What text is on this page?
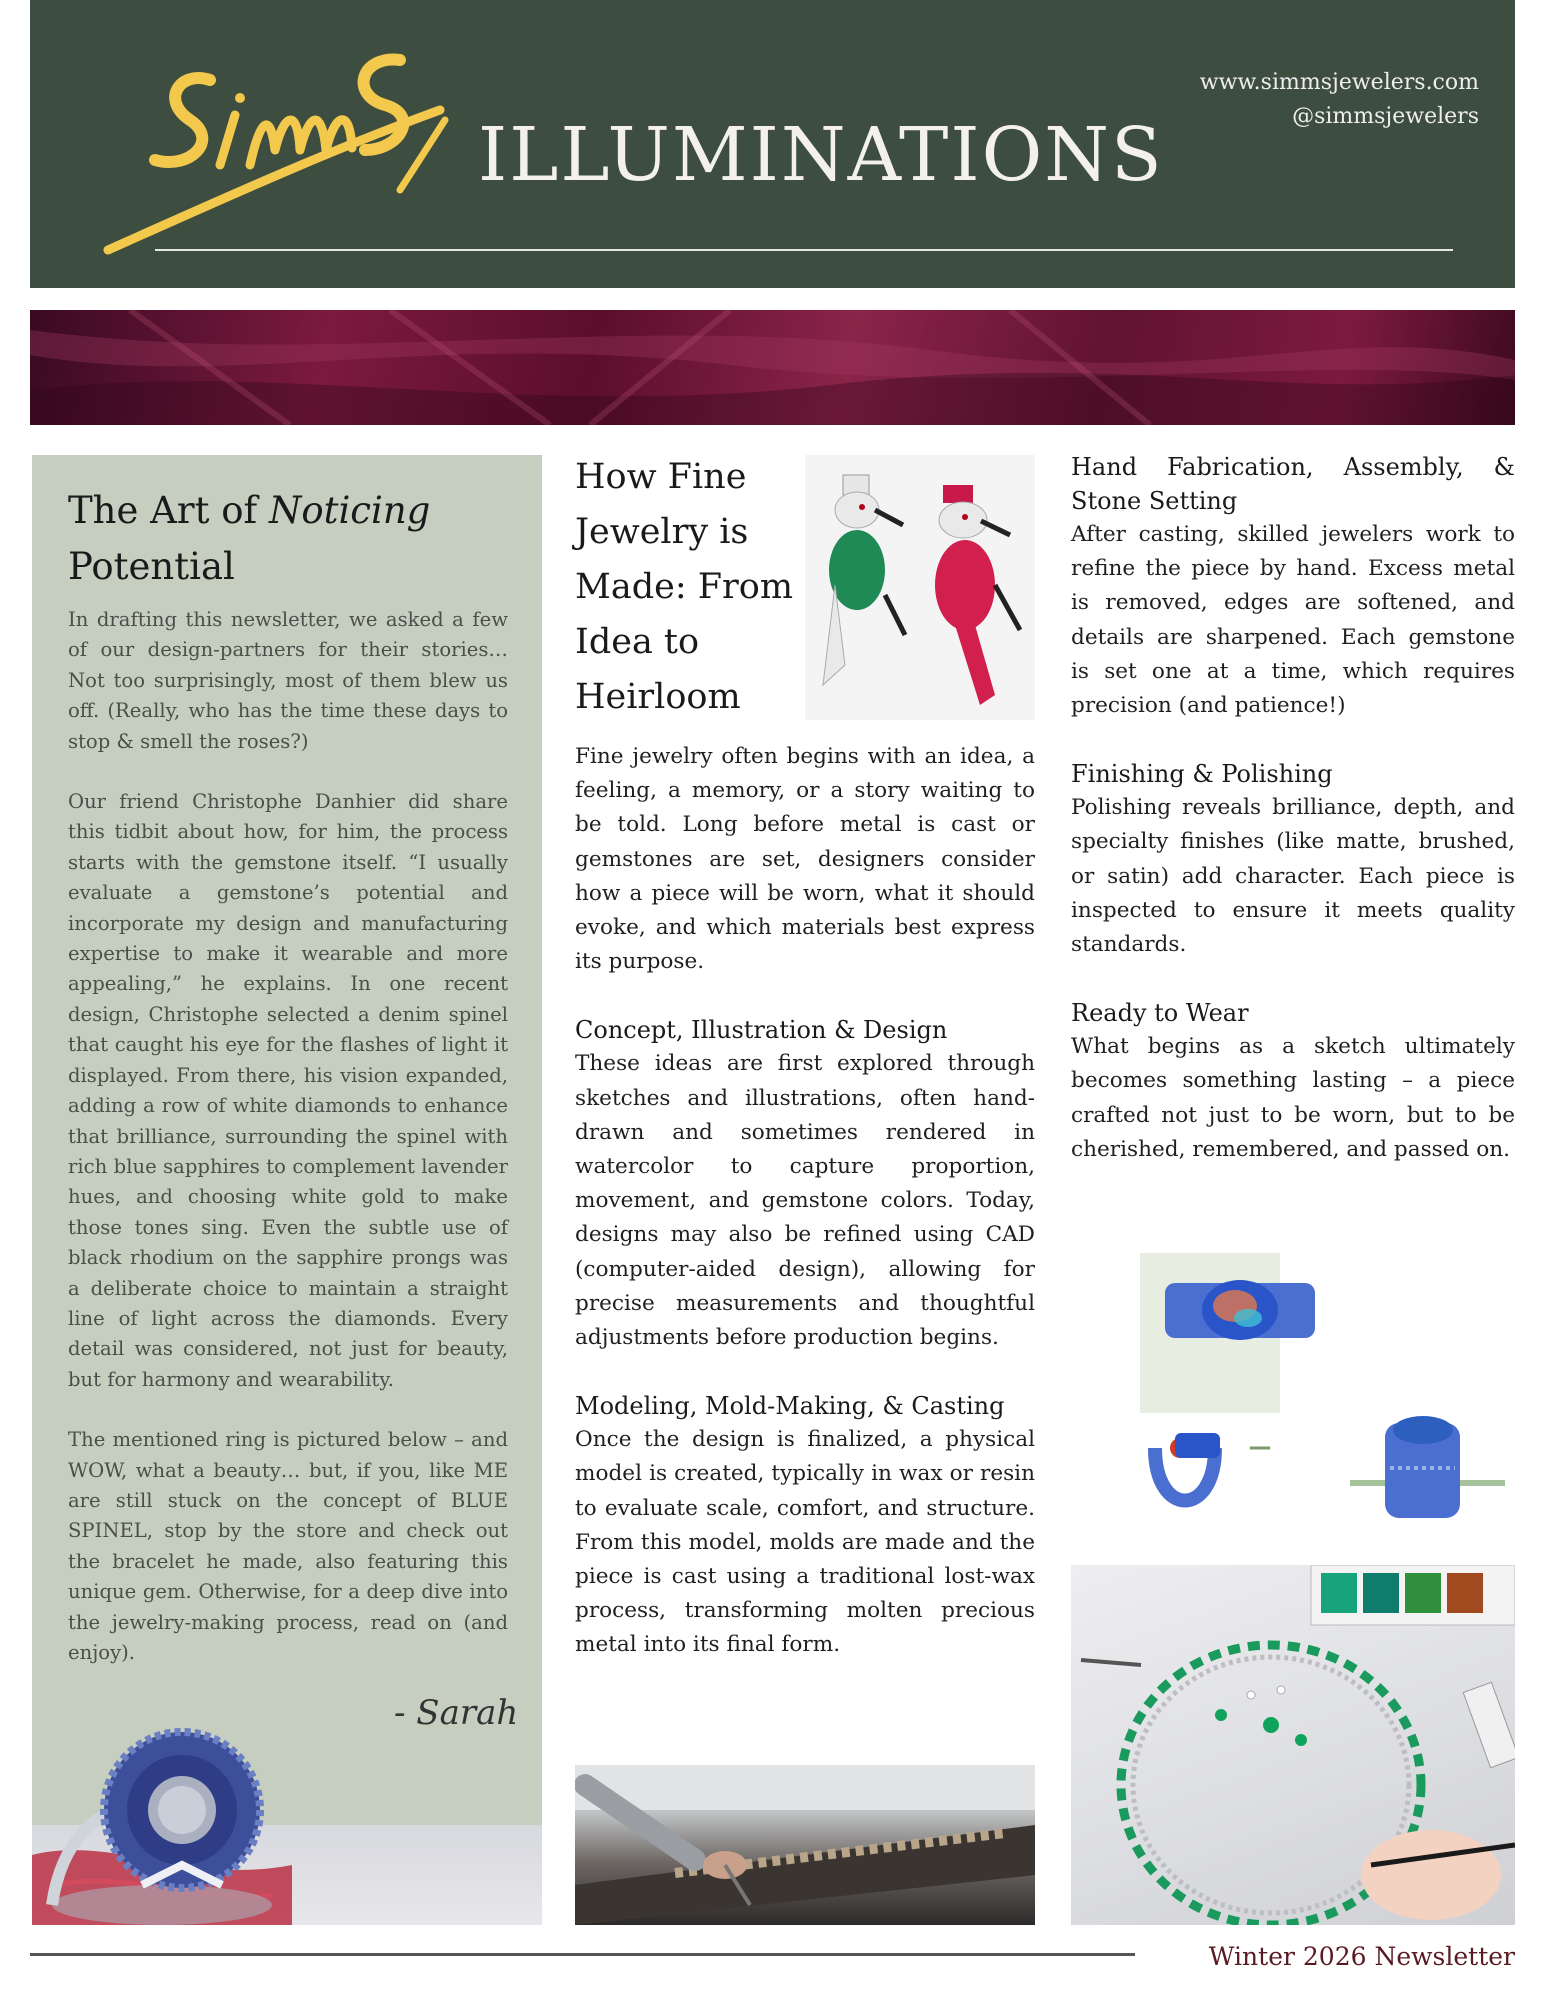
Simms
ILLUMINATIONS
www.simmsjewelers.com
@simmsjewelers
The Art of Noticing
Potential

In drafting this newsletter, we asked a few of our design-partners for their stories… Not too surprisingly, most of them blew us off. (Really, who has the time these days to stop & smell the roses?)

Our friend Christophe Danhier did share this tidbit about how, for him, the process starts with the gemstone itself. “I usually evaluate a gemstone’s potential and incorporate my design and manufacturing expertise to make it wearable and more appealing,” he explains. In one recent design, Christophe selected a denim spinel that caught his eye for the flashes of light it displayed. From there, his vision expanded, adding a row of white diamonds to enhance that brilliance, surrounding the spinel with rich blue sapphires to complement lavender hues, and choosing white gold to make those tones sing. Even the subtle use of black rhodium on the sapphire prongs was a deliberate choice to maintain a straight line of light across the diamonds. Every detail was considered, not just for beauty, but for harmony and wearability.

The mentioned ring is pictured below – and WOW, what a beauty… but, if you, like ME are still stuck on the concept of BLUE SPINEL, stop by the store and check out the bracelet he made, also featuring this unique gem. Otherwise, for a deep dive into the jewelry-making process, read on (and enjoy).

- Sarah
How Fine Jewelry is Made: From Idea to Heirloom

Fine jewelry often begins with an idea, a feeling, a memory, or a story waiting to be told. Long before metal is cast or gemstones are set, designers consider how a piece will be worn, what it should evoke, and which materials best express its purpose.

Concept, Illustration & Design
These ideas are first explored through sketches and illustrations, often hand-drawn and sometimes rendered in watercolor to capture proportion, movement, and gemstone colors. Today, designs may also be refined using CAD (computer-aided design), allowing for precise measurements and thoughtful adjustments before production begins.

Modeling, Mold-Making, & Casting
Once the design is finalized, a physical model is created, typically in wax or resin to evaluate scale, comfort, and structure. From this model, molds are made and the piece is cast using a traditional lost-wax process, transforming molten precious metal into its final form.

Hand Fabrication, Assembly, & Stone Setting
After casting, skilled jewelers work to refine the piece by hand. Excess metal is removed, edges are softened, and details are sharpened. Each gemstone is set one at a time, which requires precision (and patience!)

Finishing & Polishing
Polishing reveals brilliance, depth, and specialty finishes (like matte, brushed, or satin) add character. Each piece is inspected to ensure it meets quality standards.

Ready to Wear
What begins as a sketch ultimately becomes something lasting – a piece crafted not just to be worn, but to be cherished, remembered, and passed on.

Winter 2026 Newsletter
